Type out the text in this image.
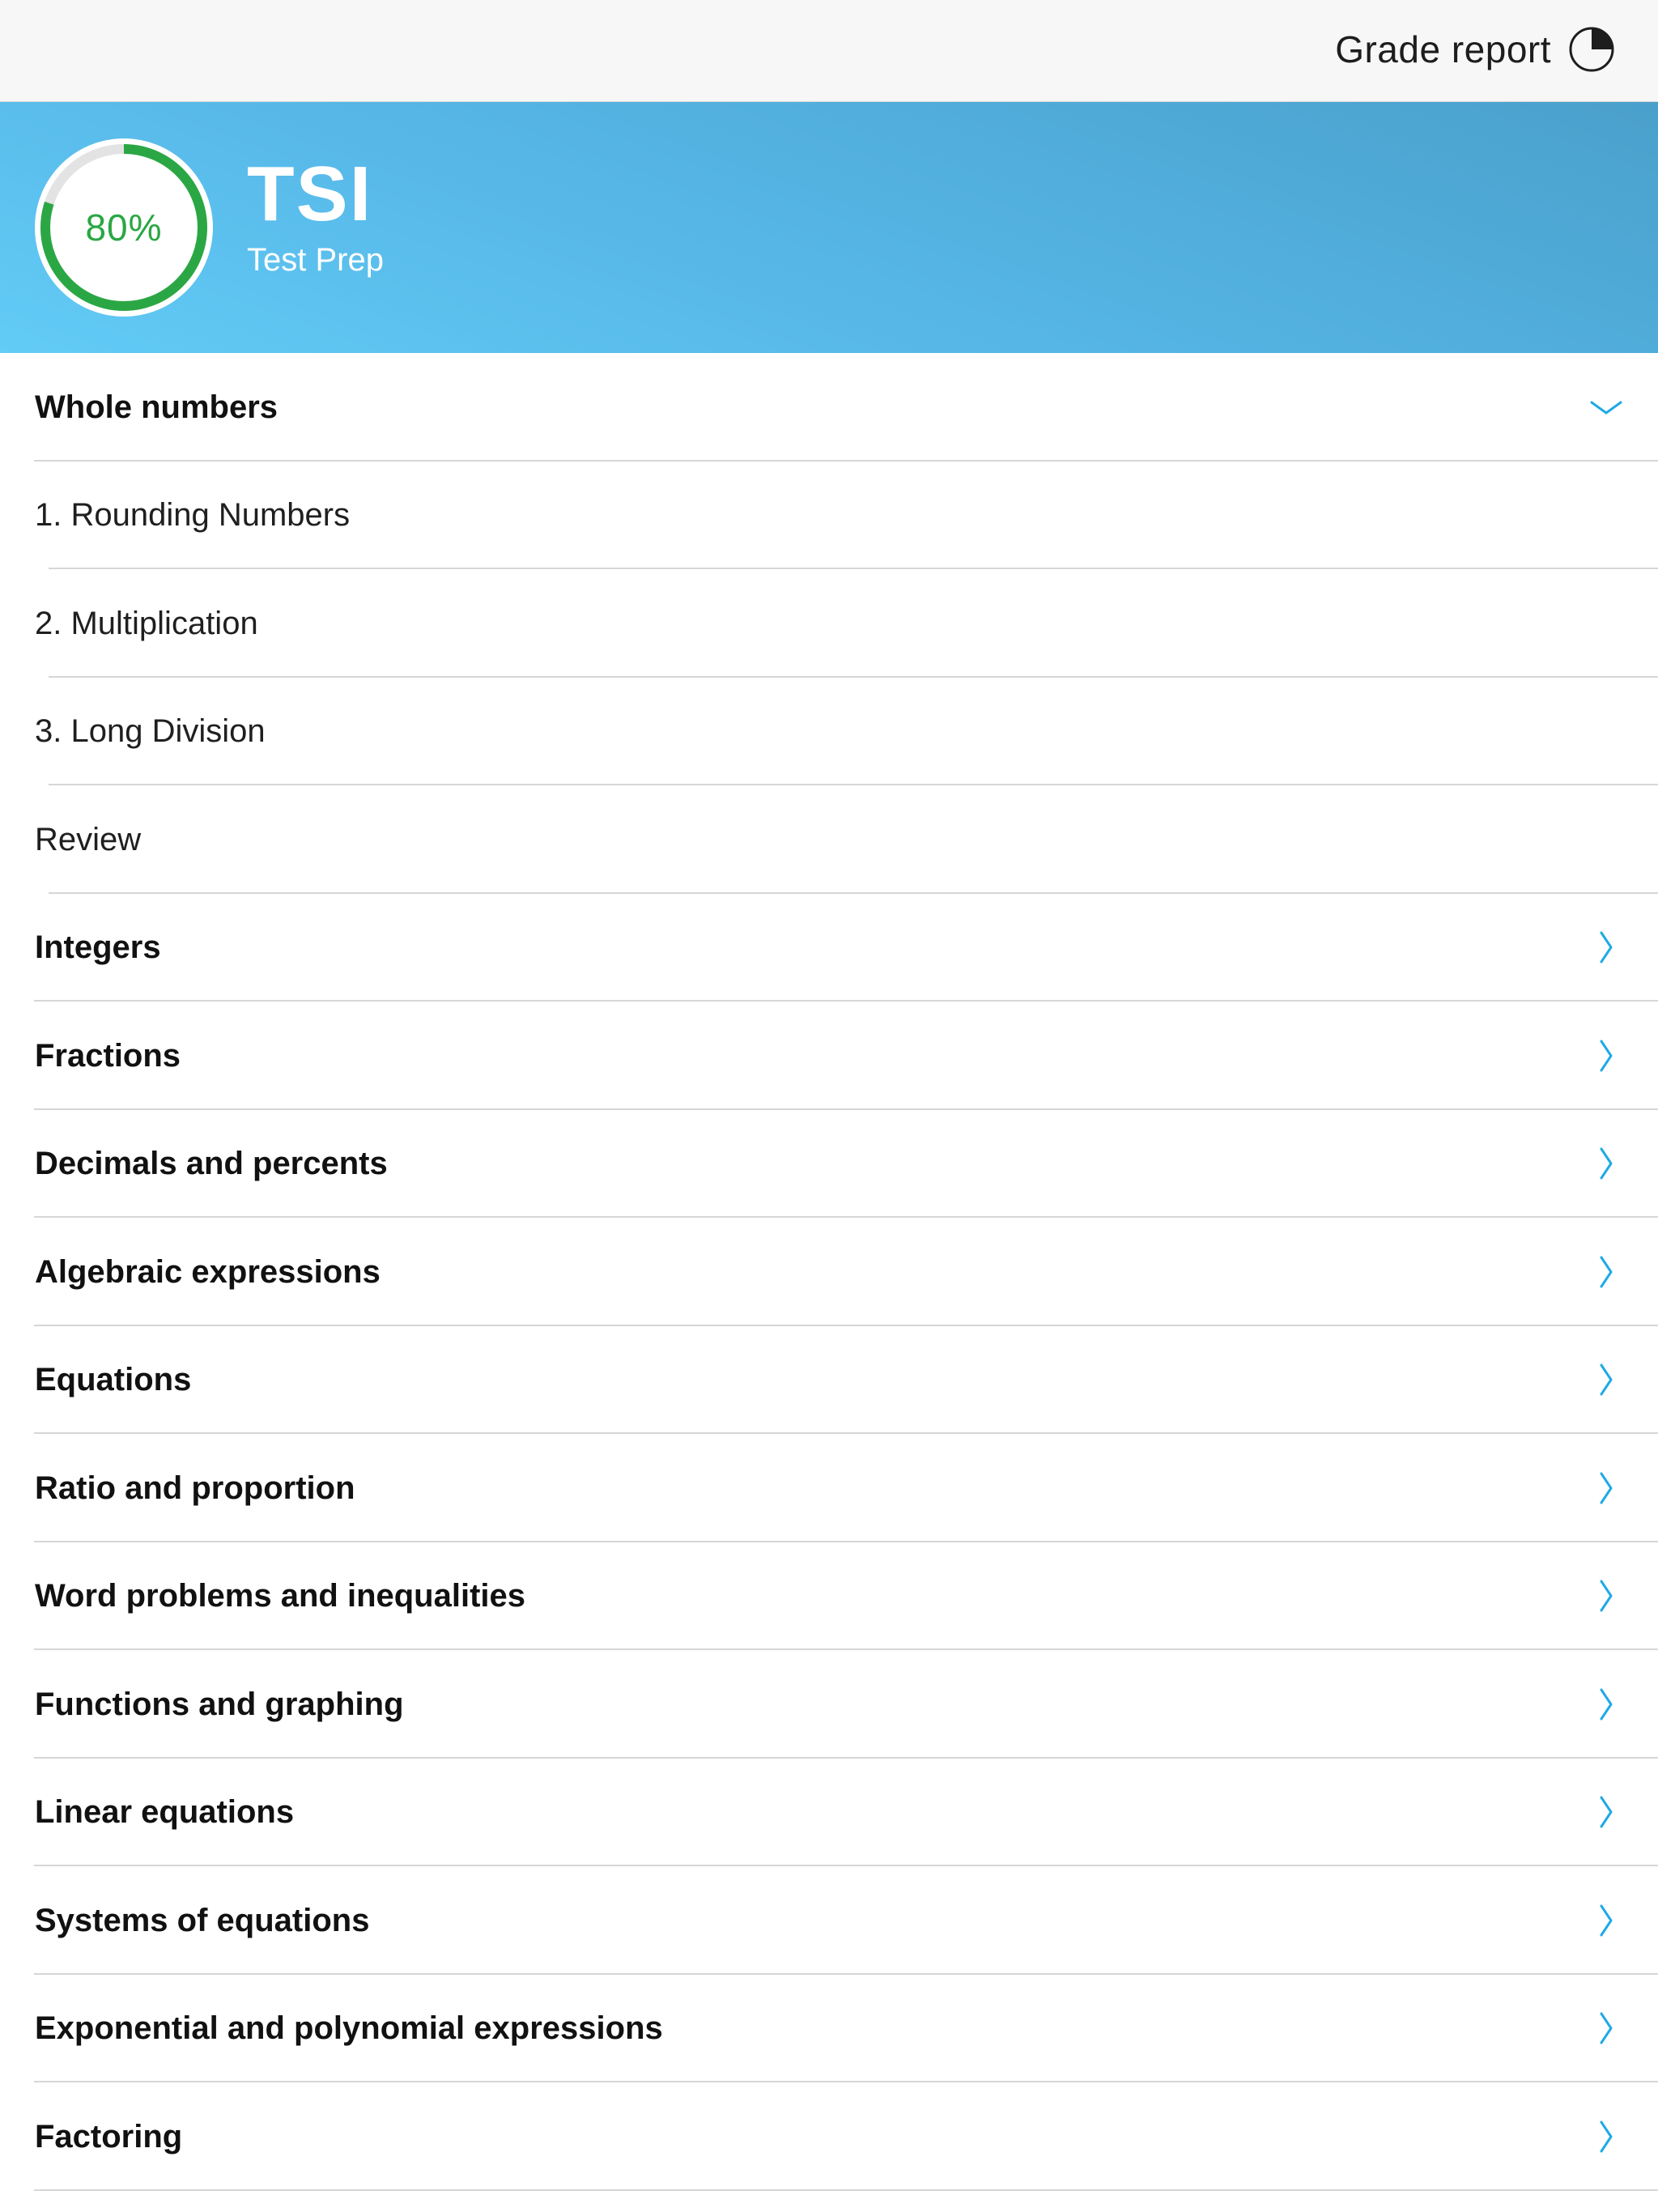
Grade report
80%	TSI
Test Prep
Whole numbers
1. Rounding Numbers
2. Multiplication
3. Long Division
Review
Integers
Fractions
Decimals and percents
Algebraic expressions
Equations
Ratio and proportion
Word problems and inequalities
Functions and graphing
Linear equations
Systems of equations
Exponential and polynomial expressions
Factoring
